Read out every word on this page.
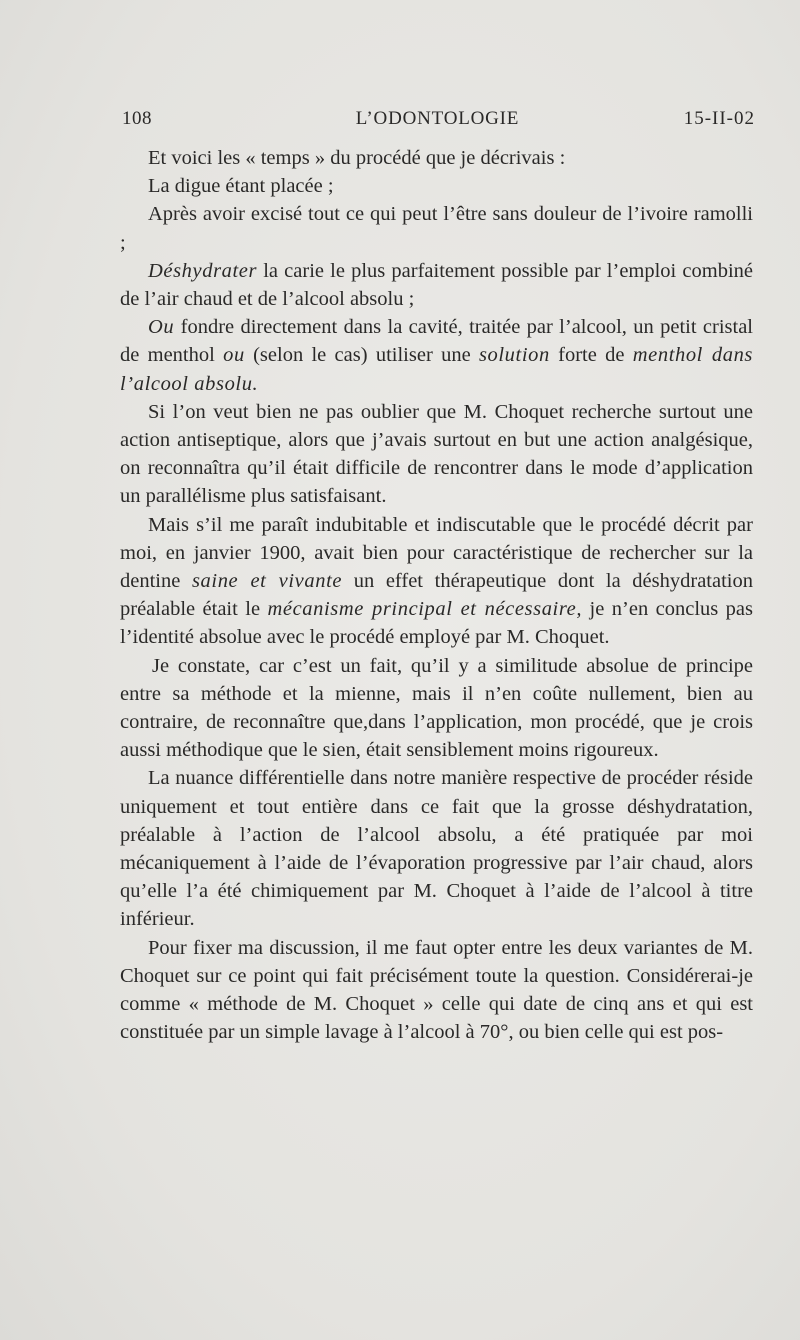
108	L’ODONTOLOGIE	15-II-02

Et voici les « temps » du procédé que je décrivais :

La digue étant placée ;

Après avoir excisé tout ce qui peut l’être sans douleur de l’ivoire ramolli ;

Déshydrater la carie le plus parfaitement possible par l’emploi combiné de l’air chaud et de l’alcool absolu ;

Ou fondre directement dans la cavité, traitée par l’alcool, un petit cristal de menthol ou (selon le cas) utiliser une solution forte de menthol dans l’alcool absolu.

Si l’on veut bien ne pas oublier que M. Choquet recherche surtout une action antiseptique, alors que j’avais surtout en but une action analgésique, on reconnaîtra qu’il était difficile de rencontrer dans le mode d’application un parallélisme plus satisfaisant.

Mais s’il me paraît indubitable et indiscutable que le procédé décrit par moi, en janvier 1900, avait bien pour caractéristique de rechercher sur la dentine saine et vivante un effet thérapeutique dont la déshydratation préalable était le mécanisme principal et nécessaire, je n’en conclus pas l’identité absolue avec le procédé employé par M. Choquet.

Je constate, car c’est un fait, qu’il y a similitude absolue de principe entre sa méthode et la mienne, mais il n’en coûte nullement, bien au contraire, de reconnaître que,dans l’application, mon procédé, que je crois aussi méthodique que le sien, était sensiblement moins rigoureux.

La nuance différentielle dans notre manière respective de procéder réside uniquement et tout entière dans ce fait que la grosse déshydratation, préalable à l’action de l’alcool absolu, a été pratiquée par moi mécaniquement à l’aide de l’évaporation progressive par l’air chaud, alors qu’elle l’a été chimiquement par M. Choquet à l’aide de l’alcool à titre inférieur.

Pour fixer ma discussion, il me faut opter entre les deux variantes de M. Choquet sur ce point qui fait précisément toute la question. Considérerai-je comme « méthode de M. Choquet » celle qui date de cinq ans et qui est constituée par un simple lavage à l’alcool à 70°, ou bien celle qui est pos-
